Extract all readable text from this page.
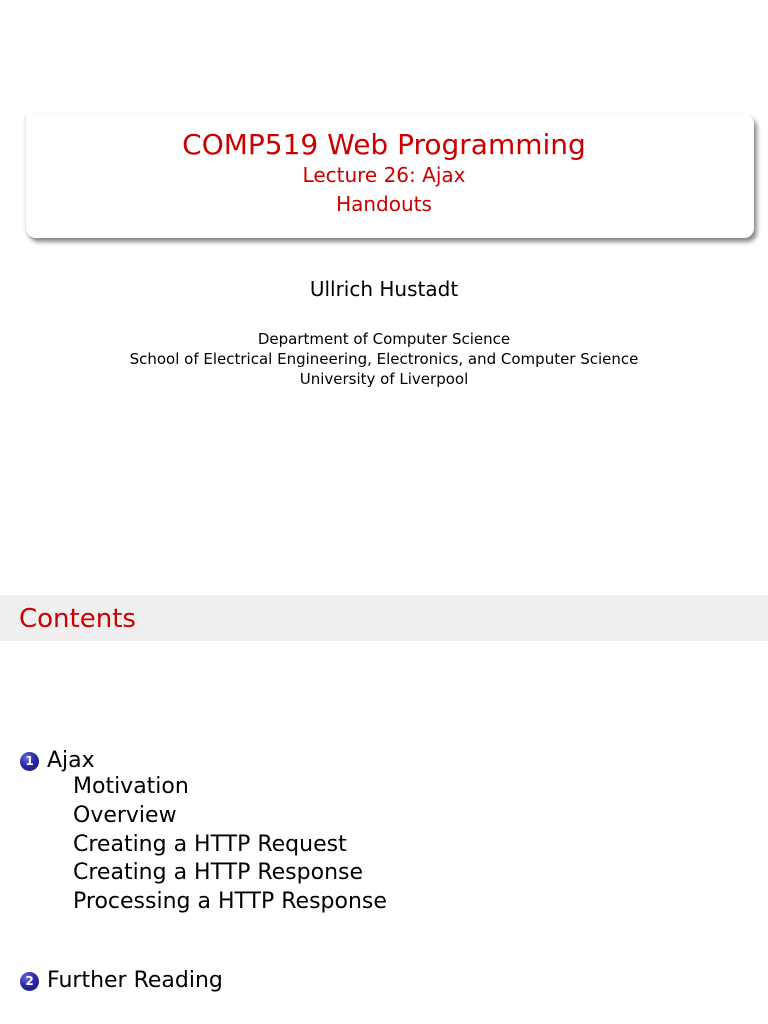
COMP519 Web Programming
Lecture 26: Ajax
Handouts
Ullrich Hustadt
Department of Computer Science
School of Electrical Engineering, Electronics, and Computer Science
University of Liverpool
Contents
1 Ajax
Motivation
Overview
Creating a HTTP Request
Creating a HTTP Response
Processing a HTTP Response
2 Further Reading
